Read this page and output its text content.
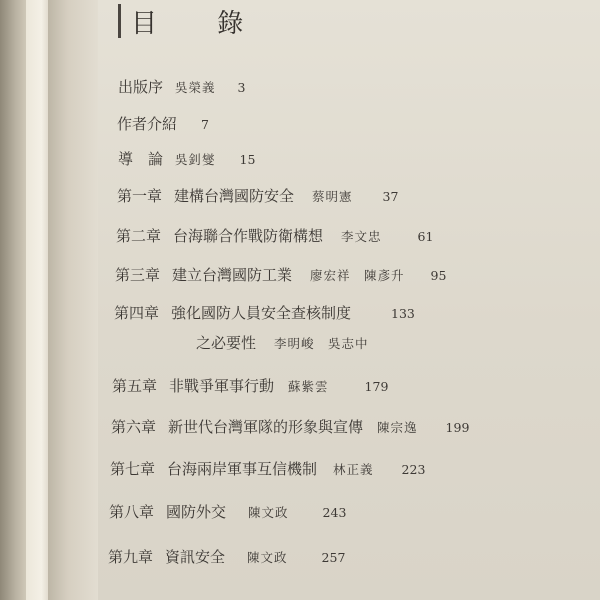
目 錄
出版序 吳榮義 3
作者介紹 7
導　論 吳釗燮 15
第一章 建構台灣國防安全 蔡明憲 37
第二章 台海聯合作戰防衛構想 李文忠	61
第三章 建立台灣國防工業 廖宏祥　陳彥升 95
第四章 強化國防人員安全查核制度	133
之必要性 李明峻　吳志中
第五章 非戰爭軍事行動 蘇紫雲	179
第六章 新世代台灣軍隊的形象與宣傳 陳宗逸 199
第七章 台海兩岸軍事互信機制 林正義 223
第八章 國防外交 陳文政	243
第九章 資訊安全 陳文政	257
